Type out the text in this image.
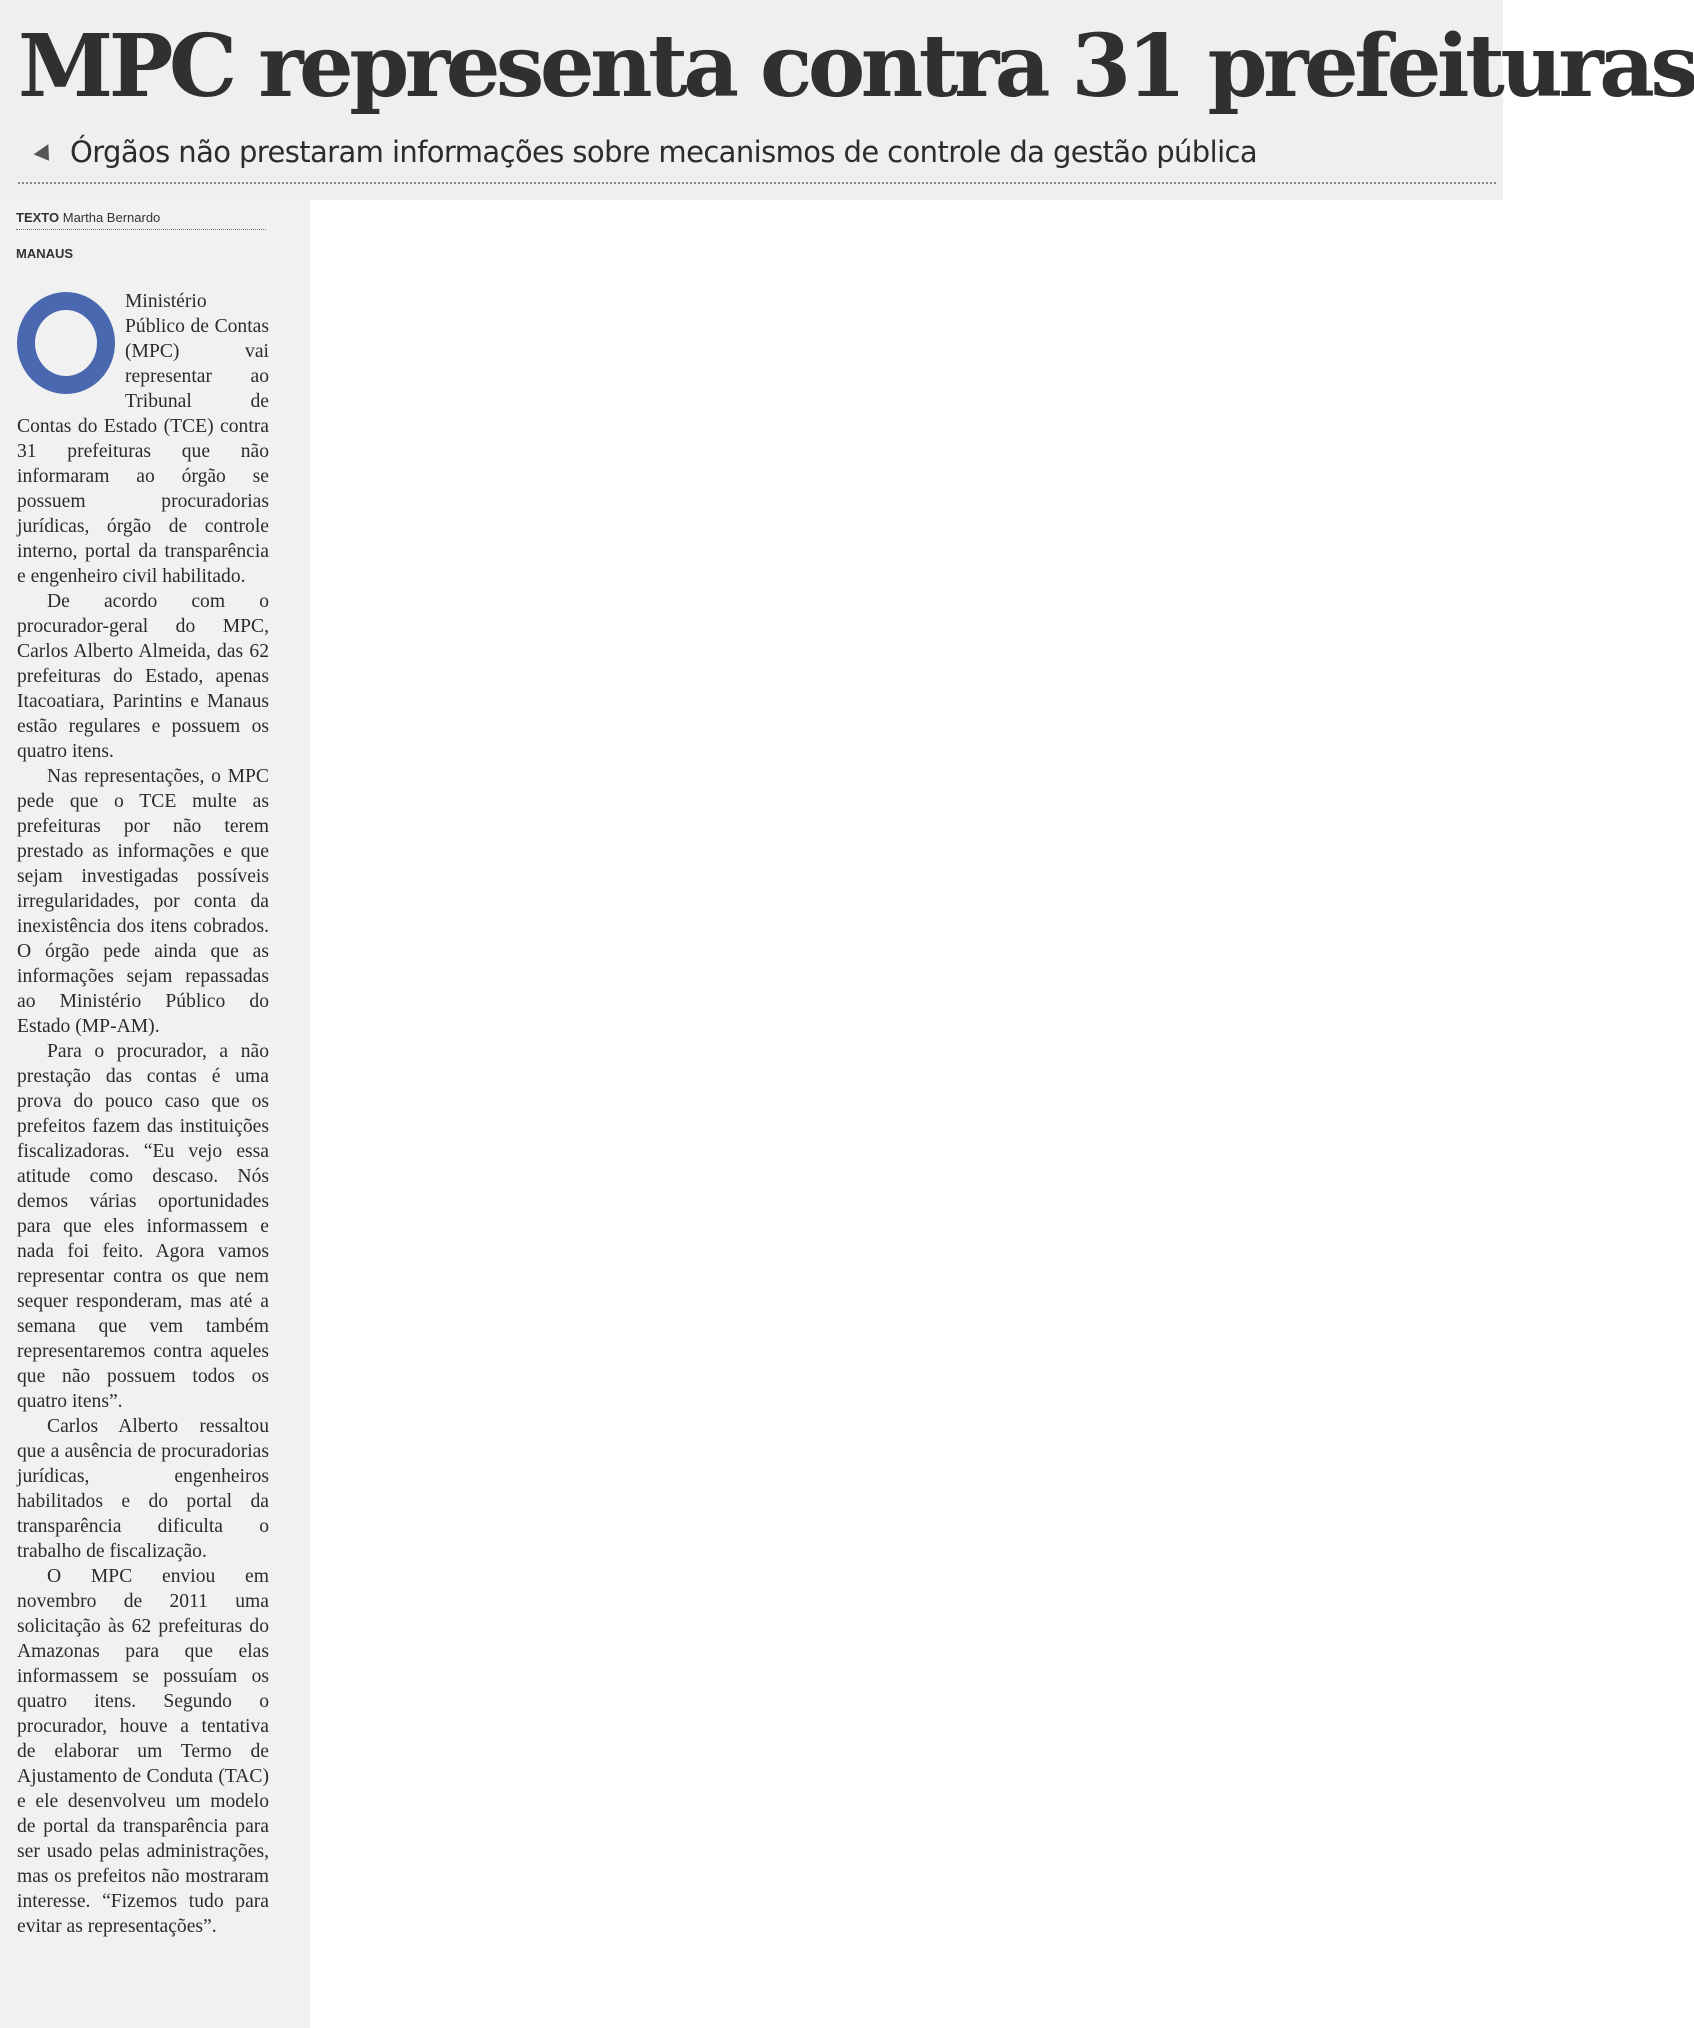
MPC representa contra 31 prefeituras
Órgãos não prestaram informações sobre mecanismos de controle da gestão pública
TEXTO Martha Bernardo
MANAUS

Ministério Público de Contas (MPC) vai representar ao Tribunal de Contas do Estado (TCE) contra 31 prefeituras que não informaram ao órgão se possuem procuradorias jurídicas, órgão de controle interno, portal da transparência e engenheiro civil habilitado.

De acordo com o procurador-geral do MPC, Carlos Alberto Almeida, das 62 prefeituras do Estado, apenas Itacoatiara, Parintins e Manaus estão regulares e possuem os quatro itens.

Nas representações, o MPC pede que o TCE multe as prefeituras por não terem prestado as informações e que sejam investigadas possíveis irregularidades, por conta da inexistência dos itens cobrados. O órgão pede ainda que as informações sejam repassadas ao Ministério Público do Estado (MP-AM).

Para o procurador, a não prestação das contas é uma prova do pouco caso que os prefeitos fazem das instituições fiscalizadoras. “Eu vejo essa atitude como descaso. Nós demos várias oportunidades para que eles informassem e nada foi feito. Agora vamos representar contra os que nem sequer responderam, mas até a semana que vem também representaremos contra aqueles que não possuem todos os quatro itens”.

Carlos Alberto ressaltou que a ausência de procuradorias jurídicas, engenheiros habilitados e do portal da transparência dificulta o trabalho de fiscalização.

O MPC enviou em novembro de 2011 uma solicitação às 62 prefeituras do Amazonas para que elas informassem se possuíam os quatro itens. Segundo o procurador, houve a tentativa de elaborar um Termo de Ajustamento de Conduta (TAC) e ele desenvolveu um modelo de portal da transparência para ser usado pelas administrações, mas os prefeitos não mostraram interesse. “Fizemos tudo para evitar as representações”.
